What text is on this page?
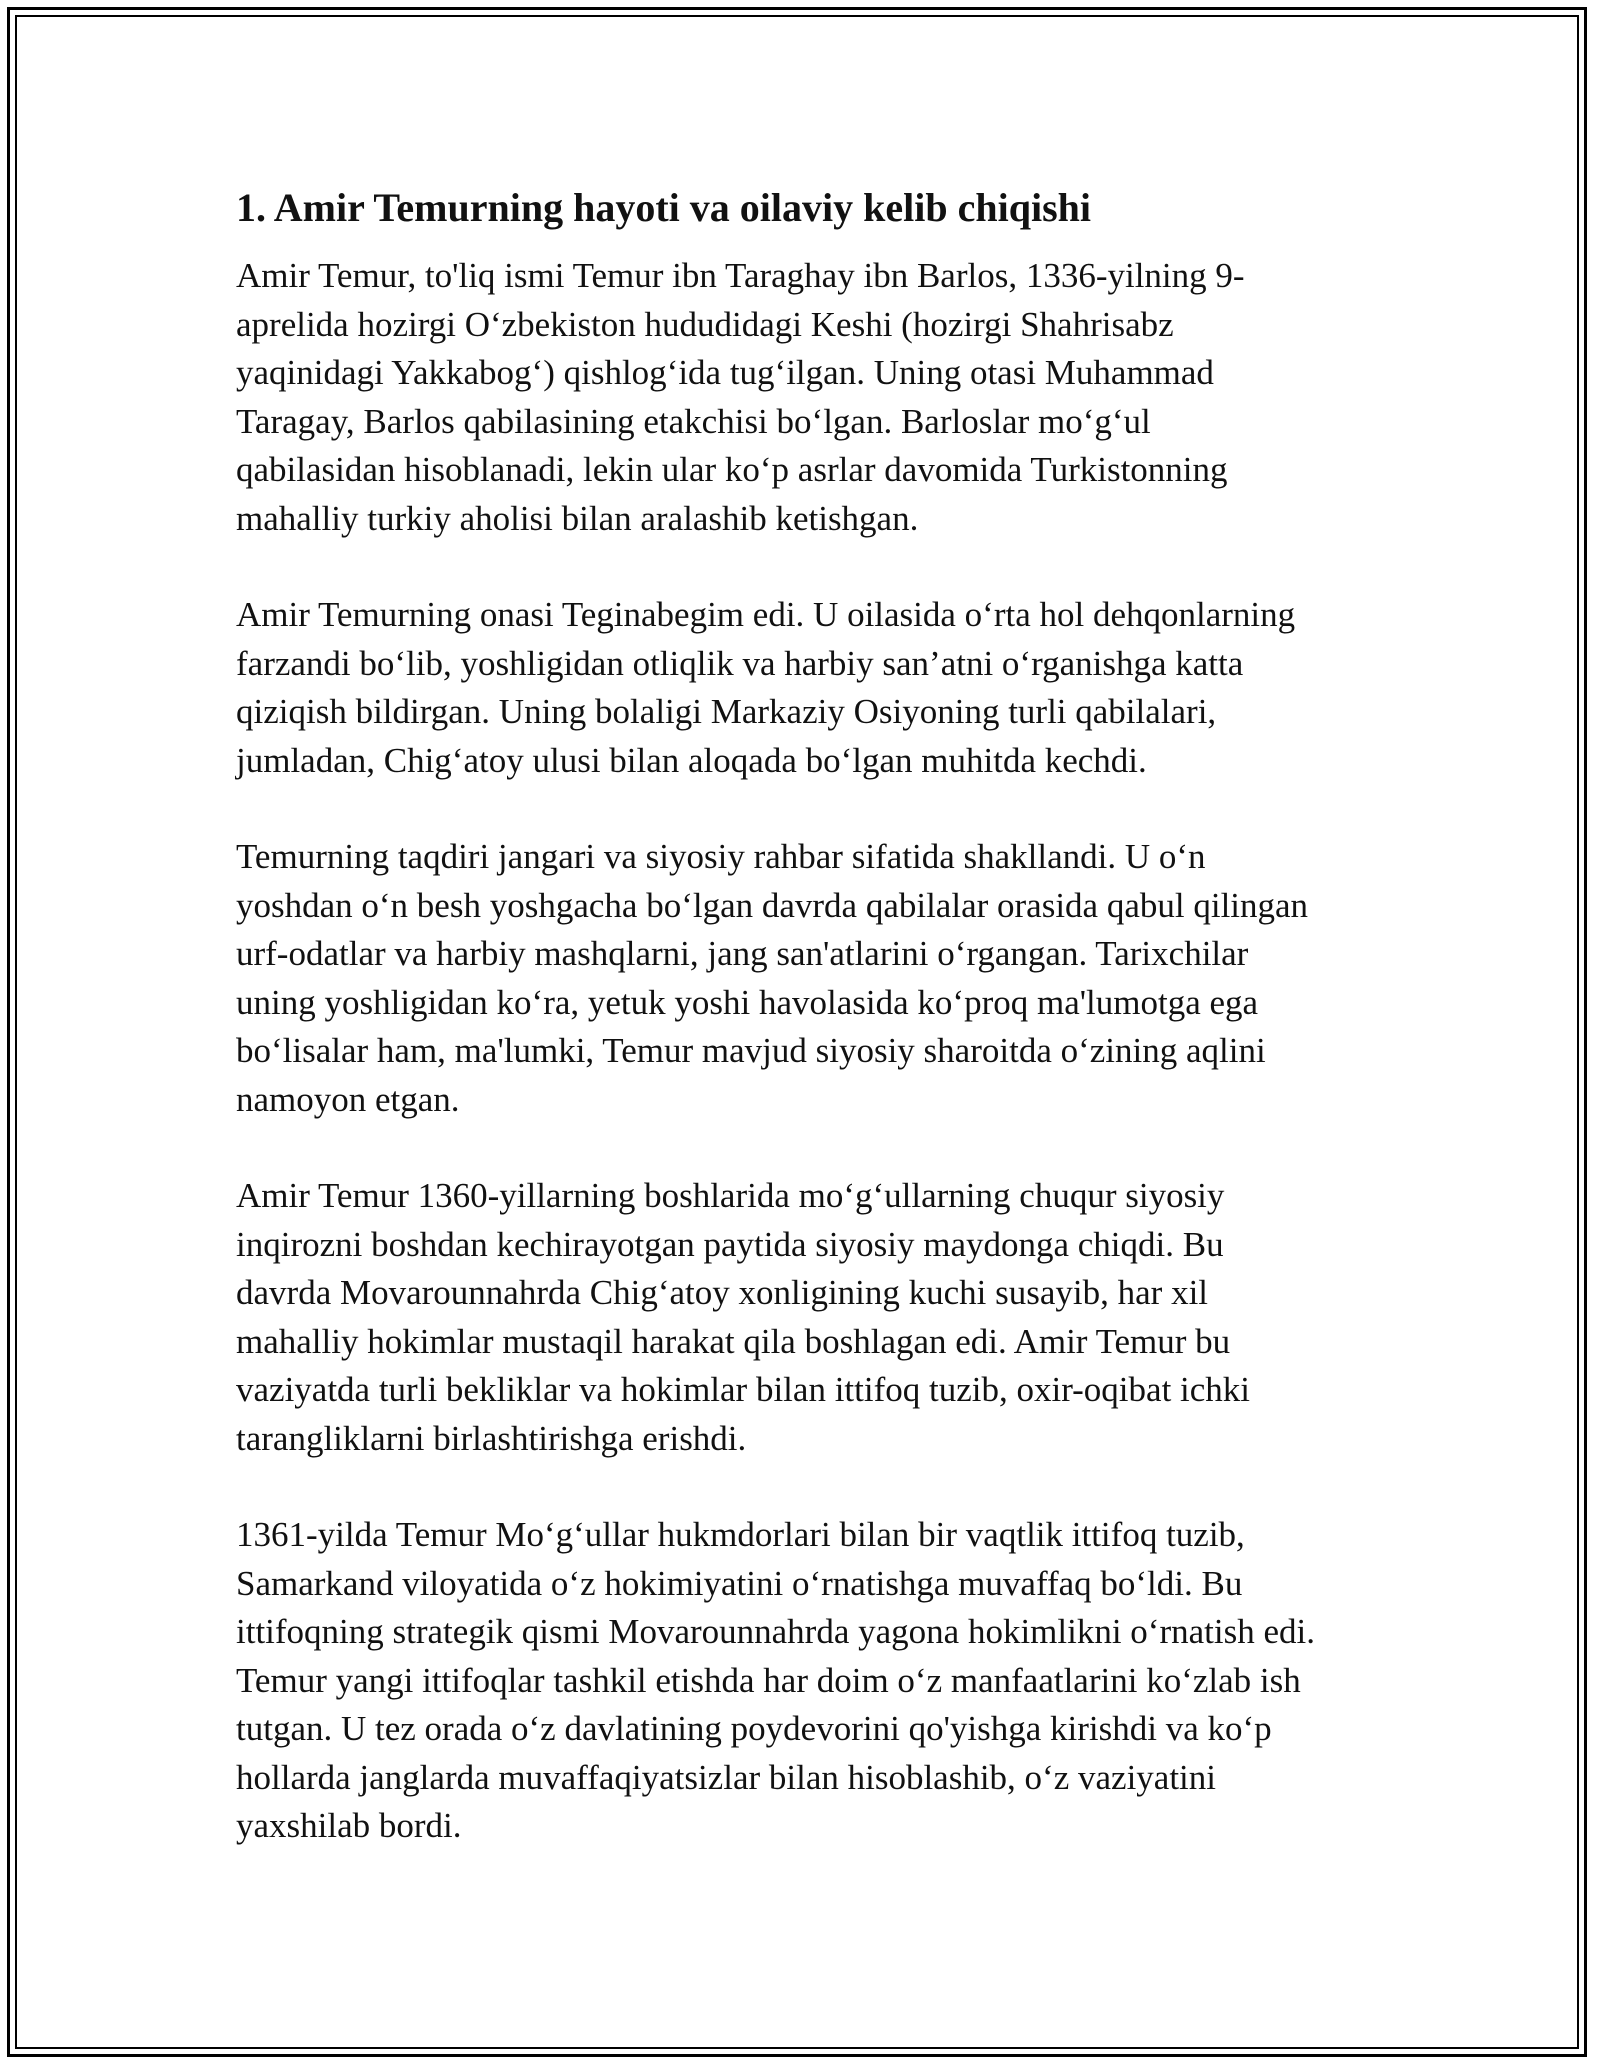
1. Amir Temurning hayoti va oilaviy kelib chiqishi

Amir Temur, to'liq ismi Temur ibn Taraghay ibn Barlos, 1336-yilning 9-
aprelida hozirgi O‘zbekiston hududidagi Keshi (hozirgi Shahrisabz
yaqinidagi Yakkabog‘) qishlog‘ida tug‘ilgan. Uning otasi Muhammad
Taragay, Barlos qabilasining etakchisi bo‘lgan. Barloslar mo‘g‘ul
qabilasidan hisoblanadi, lekin ular ko‘p asrlar davomida Turkistonning
mahalliy turkiy aholisi bilan aralashib ketishgan.

Amir Temurning onasi Teginabegim edi. U oilasida o‘rta hol dehqonlarning
farzandi bo‘lib, yoshligidan otliqlik va harbiy san’atni o‘rganishga katta
qiziqish bildirgan. Uning bolaligi Markaziy Osiyoning turli qabilalari,
jumladan, Chig‘atoy ulusi bilan aloqada bo‘lgan muhitda kechdi.

Temurning taqdiri jangari va siyosiy rahbar sifatida shakllandi. U o‘n
yoshdan o‘n besh yoshgacha bo‘lgan davrda qabilalar orasida qabul qilingan
urf-odatlar va harbiy mashqlarni, jang san'atlarini o‘rgangan. Tarixchilar
uning yoshligidan ko‘ra, yetuk yoshi havolasida ko‘proq ma'lumotga ega
bo‘lisalar ham, ma'lumki, Temur mavjud siyosiy sharoitda o‘zining aqlini
namoyon etgan.

Amir Temur 1360-yillarning boshlarida mo‘g‘ullarning chuqur siyosiy
inqirozni boshdan kechirayotgan paytida siyosiy maydonga chiqdi. Bu
davrda Movarounnahrda Chig‘atoy xonligining kuchi susayib, har xil
mahalliy hokimlar mustaqil harakat qila boshlagan edi. Amir Temur bu
vaziyatda turli bekliklar va hokimlar bilan ittifoq tuzib, oxir-oqibat ichki
tarangliklarni birlashtirishga erishdi.

1361-yilda Temur Mo‘g‘ullar hukmdorlari bilan bir vaqtlik ittifoq tuzib,
Samarkand viloyatida o‘z hokimiyatini o‘rnatishga muvaffaq bo‘ldi. Bu
ittifoqning strategik qismi Movarounnahrda yagona hokimlikni o‘rnatish edi.
Temur yangi ittifoqlar tashkil etishda har doim o‘z manfaatlarini ko‘zlab ish
tutgan. U tez orada o‘z davlatining poydevorini qo'yishga kirishdi va ko‘p
hollarda janglarda muvaffaqiyatsizlar bilan hisoblashib, o‘z vaziyatini
yaxshilab bordi.
